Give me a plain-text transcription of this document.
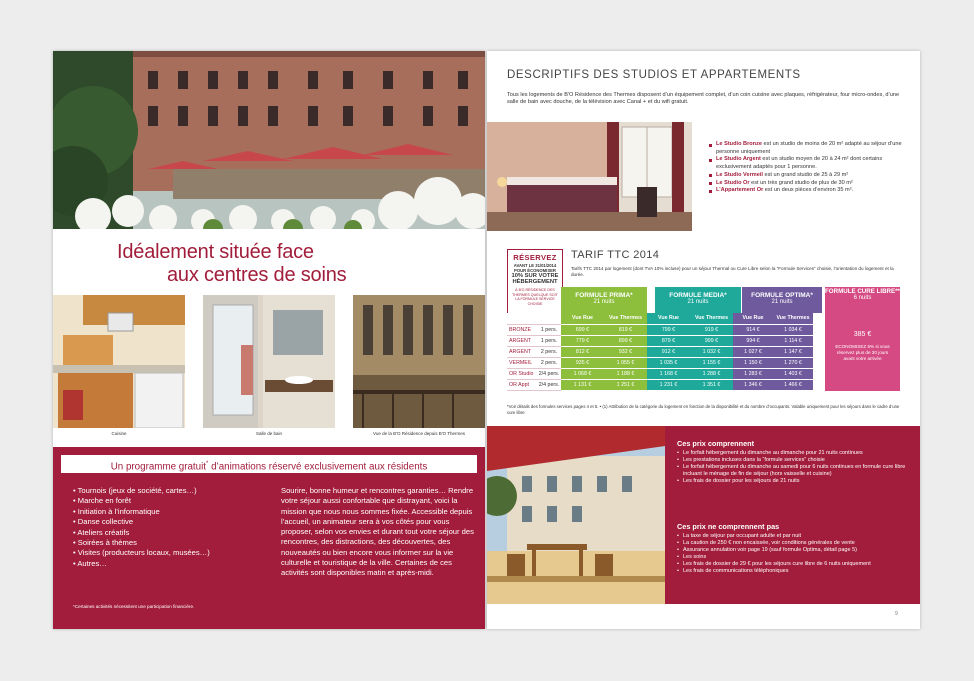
Idéalement située face
aux centres de soins
Cuisine	Salle de bain	Vue de la B'O Résidence depuis B'O Thermes
Un programme gratuit* d’animations réservé exclusivement aux résidents
• Tournois (jeux de société, cartes…)
• Marche en forêt
• Initiation à l’informatique
• Danse collective
• Ateliers créatifs
• Soirées à thèmes
• Visites (producteurs locaux, musées…)
• Autres…
Sourire, bonne humeur et rencontres garanties… Rendre votre séjour aussi confortable que distrayant, voici la mission que nous nous sommes fixée. Accessible depuis l’accueil, un animateur sera à vos côtés pour vous proposer, selon vos envies et durant tout votre séjour des rencontres, des distractions, des découvertes, des nouveautés ou bien encore vous informer sur la vie culturelle et touristique de la ville. Certaines de ces activités sont disponibles matin et après-midi.
*Certaines activités nécessitent une participation financière.
DESCRIPTIFS DES STUDIOS ET APPARTEMENTS
Tous les logements de B'O Résidence des Thermes disposent d’un équipement complet, d’un coin cuisine avec plaques, réfrigérateur, four micro-ondes, d’une salle de bain avec douche, de la télévision avec Canal + et du wifi gratuit.
Le Studio Bronze est un studio de moins de 20 m² adapté au séjour d’une personne uniquement
Le Studio Argent est un studio moyen de 20 à 24 m² dont certains exclusivement adaptés pour 1 personne.
Le Studio Vermeil est un grand studio de 25 à 29 m²
Le Studio Or est un très grand studio de plus de 30 m²
L’Appartement Or est un deux pièces d’environ 35 m².
RÉSERVEZ
AVANT LE 31/01/2014
POUR ÉCONOMISER
10% SUR VOTRE
HÉBERGEMENT
À B'O RÉSIDENCE DES THERMES QUELQUE SOIT LA FORMULE SERVICE CHOISIE
TARIF TTC 2014
Tarifs TTC 2014 par logement (dont TVA 10% incluse) pour un séjour Thermal ou Cure Libre selon la “Formule Services” choisie, l’orientation du logement et la durée.
FORMULE PRIMA*
21 nuits
FORMULE MEDIA*
21 nuits
FORMULE OPTIMA*
21 nuits
FORMULE CURE LIBRE**
6 nuits
		Vue Rue	Vue Thermes	Vue Rue	Vue Thermes	Vue Rue	Vue Thermes
BRONZE	1 pers.	699 €	819 €	799 €	919 €	914 €	1 034 €
ARGENT	1 pers.	779 €	899 €	879 €	999 €	994 €	1 114 €
ARGENT	2 pers.	812 €	932 €	912 €	1 032 €	1 027 €	1 147 €
VERMEIL	2 pers.	935 €	1 055 €	1 035 €	1 155 €	1 150 €	1 270 €
OR Studio	2/4 pers.	1 068 €	1 188 €	1 168 €	1 288 €	1 283 €	1 403 €
OR Appt	2/4 pers.	1 131 €	1 251 €	1 231 €	1 351 €	1 346 €	1 466 €
385 €
ECONOMISEZ 5% si vous réservez plus de 30 jours avant votre arrivée
*Voir détails des formules services pages 4 et 5. • (1) Attribution de la catégorie du logement en fonction de la disponibilité et du nombre d’occupants. Valable uniquement pour les séjours dans le cadre d’une cure libre
Ces prix comprennent
• Le forfait hébergement du dimanche au dimanche pour 21 nuits continues
• Les prestations incluses dans la “formule services” choisie
• Le forfait hébergement du dimanche au samedi pour 6 nuits continues en formule cure libre incluant le ménage de fin de séjour (hors vaisselle et cuisine)
• Les frais de dossier pour les séjours de 21 nuits
Ces prix ne comprennent pas
• La taxe de séjour par occupant adulte et par nuit
• La caution de 250 € non encaissée, voir conditions générales de vente
• Assurance annulation voir page 19 (sauf formule Optima, détail page 5)
• Les soins
• Les frais de dossier de 29 € pour les séjours cure libre de 6 nuits uniquement
• Les frais de communications téléphoniques
9
